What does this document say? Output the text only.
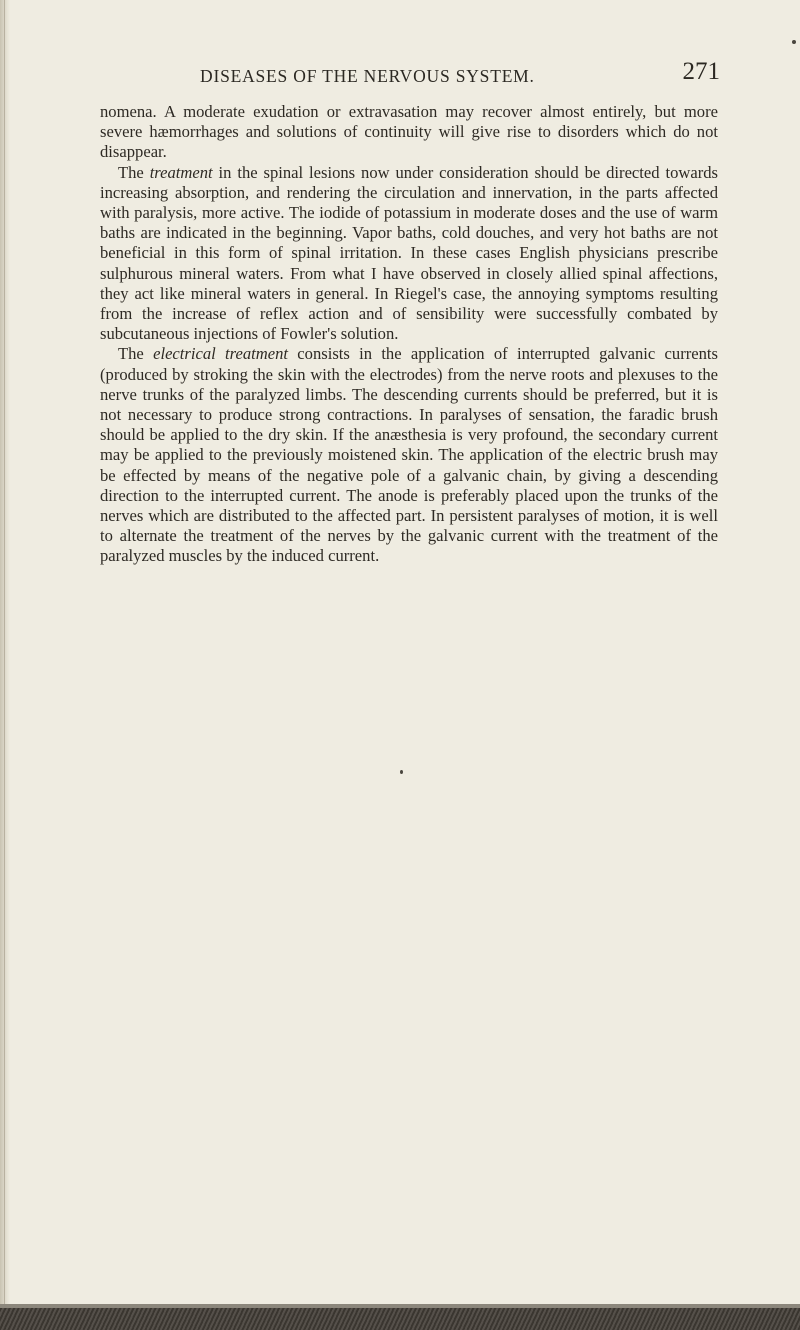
DISEASES OF THE NERVOUS SYSTEM.	271

nomena. A moderate exudation or extravasation may recover almost entirely, but more severe hæmorrhages and solutions of continuity will give rise to disorders which do not disappear.

The treatment in the spinal lesions now under consideration should be directed towards increasing absorption, and rendering the circulation and innervation, in the parts affected with paralysis, more active. The iodide of potassium in moderate doses and the use of warm baths are indicated in the beginning. Vapor baths, cold douches, and very hot baths are not beneficial in this form of spinal irritation. In these cases English physicians prescribe sulphurous mineral waters. From what I have observed in closely allied spinal affections, they act like mineral waters in general. In Riegel's case, the annoying symptoms resulting from the increase of reflex action and of sensibility were successfully combated by subcutaneous injections of Fowler's solution.

The electrical treatment consists in the application of interrupted galvanic currents (produced by stroking the skin with the electrodes) from the nerve roots and plexuses to the nerve trunks of the paralyzed limbs. The descending currents should be preferred, but it is not necessary to produce strong contractions. In paralyses of sensation, the faradic brush should be applied to the dry skin. If the anæsthesia is very profound, the secondary current may be applied to the previously moistened skin. The application of the electric brush may be effected by means of the negative pole of a galvanic chain, by giving a descending direction to the interrupted current. The anode is preferably placed upon the trunks of the nerves which are distributed to the affected part. In persistent paralyses of motion, it is well to alternate the treatment of the nerves by the galvanic current with the treatment of the paralyzed muscles by the induced current.
